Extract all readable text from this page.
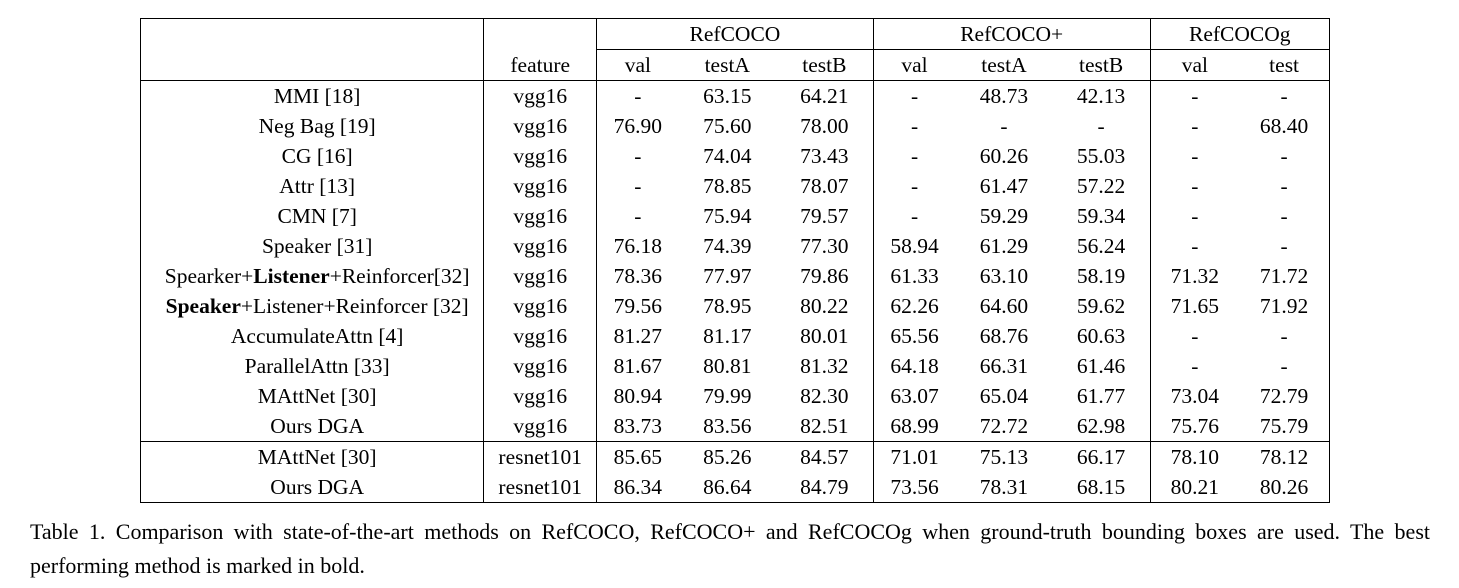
		RefCOCO			RefCOCO+			RefCOCOg	
	feature	val	testA	testB	val	testA	testB	val	test
MMI [18]	vgg16	-	63.15	64.21	-	48.73	42.13	-	-
Neg Bag [19]	vgg16	76.90	75.60	78.00	-	-	-	-	68.40
CG [16]	vgg16	-	74.04	73.43	-	60.26	55.03	-	-
Attr [13]	vgg16	-	78.85	78.07	-	61.47	57.22	-	-
CMN [7]	vgg16	-	75.94	79.57	-	59.29	59.34	-	-
Speaker [31]	vgg16	76.18	74.39	77.30	58.94	61.29	56.24	-	-
Spearker+Listener+Reinforcer[32]	vgg16	78.36	77.97	79.86	61.33	63.10	58.19	71.32	71.72
Speaker+Listener+Reinforcer [32]	vgg16	79.56	78.95	80.22	62.26	64.60	59.62	71.65	71.92
AccumulateAttn [4]	vgg16	81.27	81.17	80.01	65.56	68.76	60.63	-	-
ParallelAttn [33]	vgg16	81.67	80.81	81.32	64.18	66.31	61.46	-	-
MAttNet [30]	vgg16	80.94	79.99	82.30	63.07	65.04	61.77	73.04	72.79
Ours DGA	vgg16	83.73	83.56	82.51	68.99	72.72	62.98	75.76	75.79
MAttNet [30]	resnet101	85.65	85.26	84.57	71.01	75.13	66.17	78.10	78.12
Ours DGA	resnet101	86.34	86.64	84.79	73.56	78.31	68.15	80.21	80.26
Table 1. Comparison with state-of-the-art methods on RefCOCO, RefCOCO+ and RefCOCOg when ground-truth bounding boxes are used. The best performing method is marked in bold.
